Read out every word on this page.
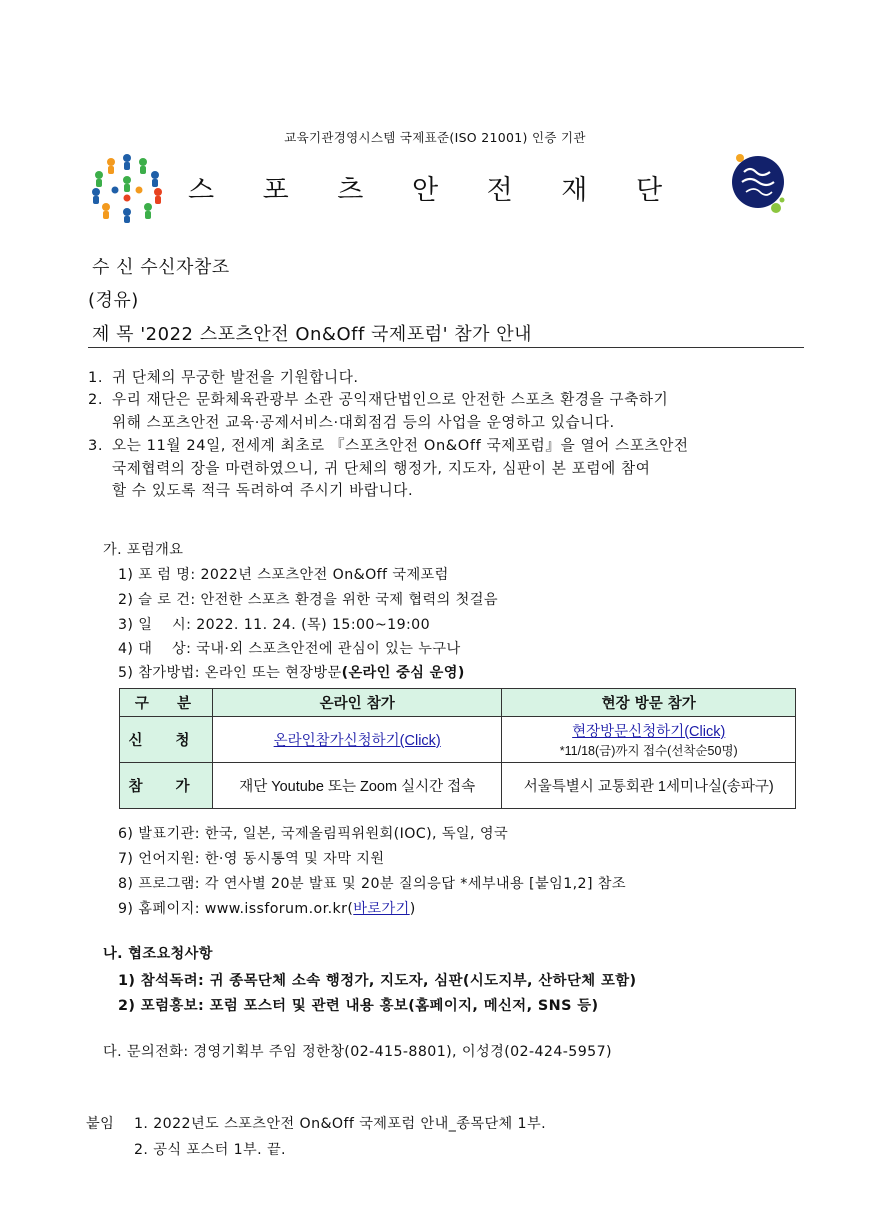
교육기관경영시스템 국제표준(ISO 21001) 인증 기관
스 포 츠 안 전 재 단
수 신 수신자참조
(경유)
제 목 '2022 스포츠안전 On&Off 국제포럼' 참가 안내
1. 귀 단체의 무궁한 발전을 기원합니다.
2. 우리 재단은 문화체육관광부 소관 공익재단법인으로 안전한 스포츠 환경을 구축하기
위해 스포츠안전 교육·공제서비스·대회점검 등의 사업을 운영하고 있습니다.
3. 오는 11월 24일, 전세계 최초로 『스포츠안전 On&Off 국제포럼』을 열어 스포츠안전
국제협력의 장을 마련하였으니, 귀 단체의 행정가, 지도자, 심판이 본 포럼에 참여
할 수 있도록 적극 독려하여 주시기 바랍니다.
가. 포럼개요
1) 포 럼 명: 2022년 스포츠안전 On&Off 국제포럼
2) 슬 로 건: 안전한 스포츠 환경을 위한 국제 협력의 첫걸음
3) 일    시: 2022. 11. 24. (목) 15:00~19:00
4) 대    상: 국내·외 스포츠안전에 관심이 있는 누구나
5) 참가방법: 온라인 또는 현장방문(온라인 중심 운영)
구  분	온라인 참가	현장 방문 참가
신 청	온라인참가신청하기(Click)	현장방문신청하기(Click)
*11/18(금)까지 접수(선착순50명)

참 가	재단 Youtube 또는 Zoom 실시간 접속	서울특별시 교통회관 1세미나실(송파구)
6) 발표기관: 한국, 일본, 국제올림픽위원회(IOC), 독일, 영국
7) 언어지원: 한·영 동시통역 및 자막 지원
8) 프로그램: 각 연사별 20분 발표 및 20분 질의응답 *세부내용 [붙임1,2] 참조
9) 홈페이지: www.issforum.or.kr(바로가기)
나. 협조요청사항
1) 참석독려: 귀 종목단체 소속 행정가, 지도자, 심판(시도지부, 산하단체 포함)
2) 포럼홍보: 포럼 포스터 및 관련 내용 홍보(홈페이지, 메신저, SNS 등)
다. 문의전화: 경영기획부 주임 정한창(02-415-8801), 이성경(02-424-5957)
붙임 1. 2022년도 스포츠안전 On&Off 국제포럼 안내_종목단체 1부.
2. 공식 포스터 1부. 끝.
